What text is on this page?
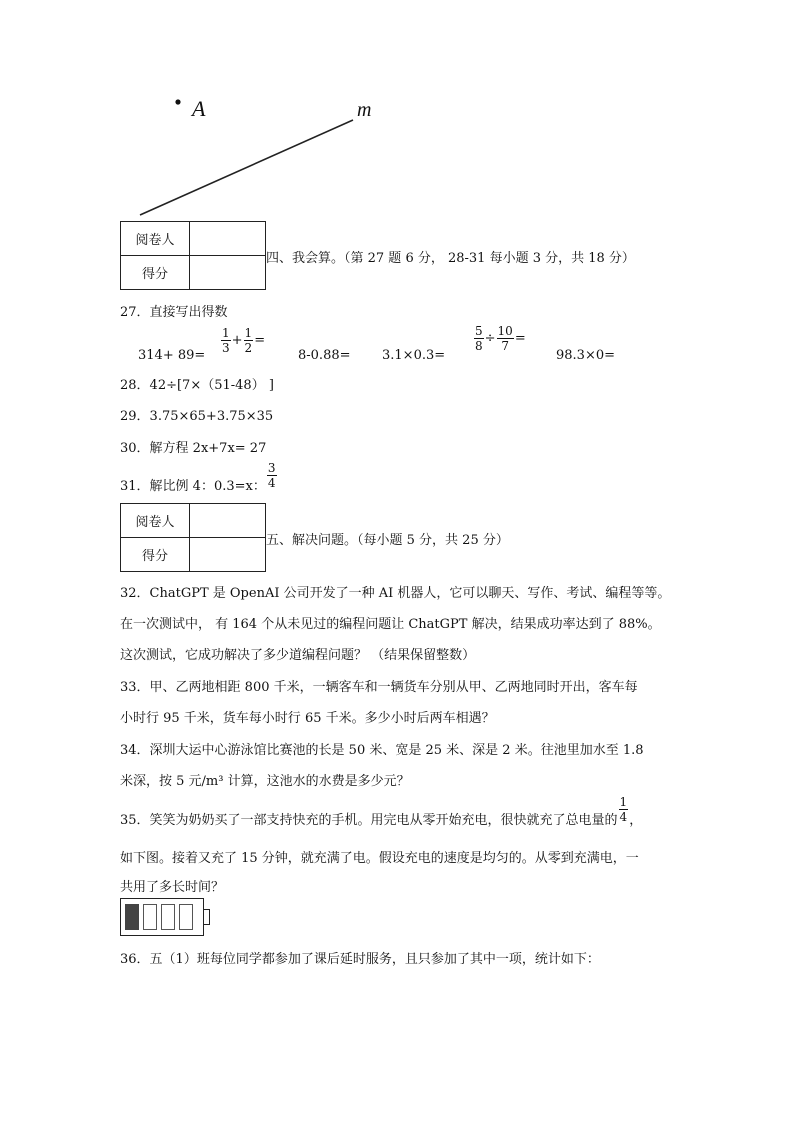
A	m
阅卷人	
得分	
四、我会算。（第 27 题 6 分， 28-31 每小题 3 分，共 18 分）
27．直接写出得数
314+ 89=
$\frac{1}{3} + \frac{1}{2}$ =
8-0.88= 3.1×0.3=
$\frac{5}{8} \div \frac{10}{7}$ =
98.3×0=
28．42÷[7×（51-48） ]
29．3.75×65+3.75×35
30．解方程 2x+7x= 27
31．解比例 4：0.3=x： $\frac{3}{4}$
阅卷人	
得分	
五、解决问题。（每小题 5 分，共 25 分）
32．ChatGPT 是 OpenAI 公司开发了一种 AI 机器人，它可以聊天、写作、考试、编程等等。
在一次测试中， 有 164 个从未见过的编程问题让 ChatGPT 解决，结果成功率达到了 88%。
这次测试，它成功解决了多少道编程问题？ （结果保留整数）
33．甲、乙两地相距 800 千米，一辆客车和一辆货车分别从甲、乙两地同时开出，客车每
小时行 95 千米，货车每小时行 65 千米。多少小时后两车相遇？
34．深圳大运中心游泳馆比赛池的长是 50 米、宽是 25 米、深是 2 米。往池里加水至 1.8
米深，按 5 元/m³ 计算，这池水的水费是多少元？
35．笑笑为奶奶买了一部支持快充的手机。用完电从零开始充电，很快就充了总电量的 $\frac{1}{4}$ ，
如下图。接着又充了 15 分钟，就充满了电。假设充电的速度是均匀的。从零到充满电，一
共用了多长时间？
36．五（1）班每位同学都参加了课后延时服务，且只参加了其中一项，统计如下：
